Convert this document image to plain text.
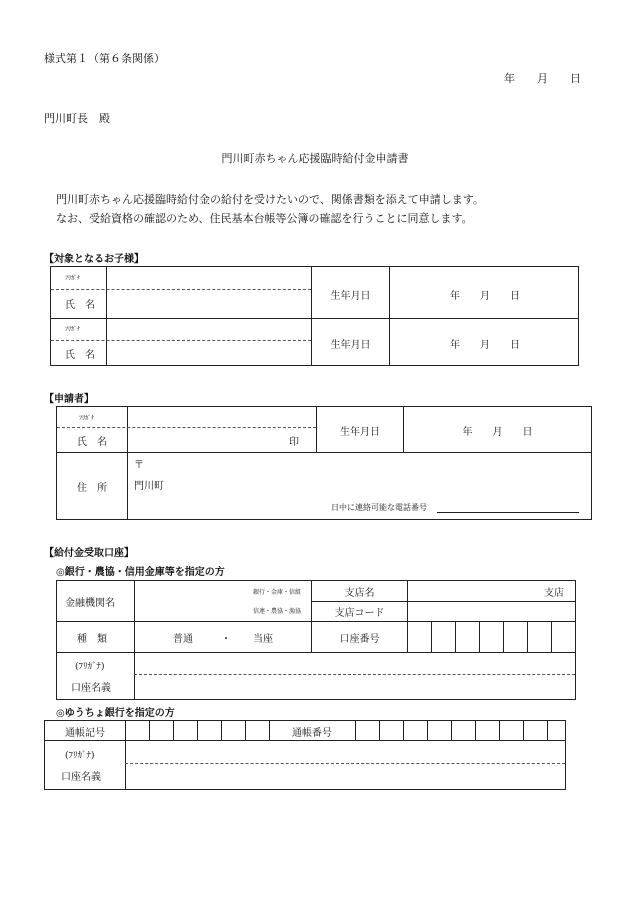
様式第１（第６条関係）
年　　月　　日
門川町長　殿
門川町赤ちゃん応援臨時給付金申請書
門川町赤ちゃん応援臨時給付金の給付を受けたいので、関係書類を添えて申請します。
なお、受給資格の確認のため、住民基本台帳等公簿の確認を行うことに同意します。
【対象となるお子様】
ﾌﾘｶﾞﾅ
氏　名
生年月日	年　　月　　日
ﾌﾘｶﾞﾅ
氏　名
生年月日	年　　月　　日
【申請者】
ﾌﾘｶﾞﾅ
氏　名	印
生年月日	年　　月　　日
住　所
〒
門川町
日中に連絡可能な電話番号
【給付金受取口座】
◎銀行・農協・信用金庫等を指定の方
金融機関名
銀行・金庫・信組
信連・農協・漁協
支店名	支店
支店コード
種　類	普通	・ 当座	口座番号
(ﾌﾘｶﾞﾅ)
口座名義
◎ゆうちょ銀行を指定の方
通帳記号	通帳番号
(ﾌﾘｶﾞﾅ)
口座名義
